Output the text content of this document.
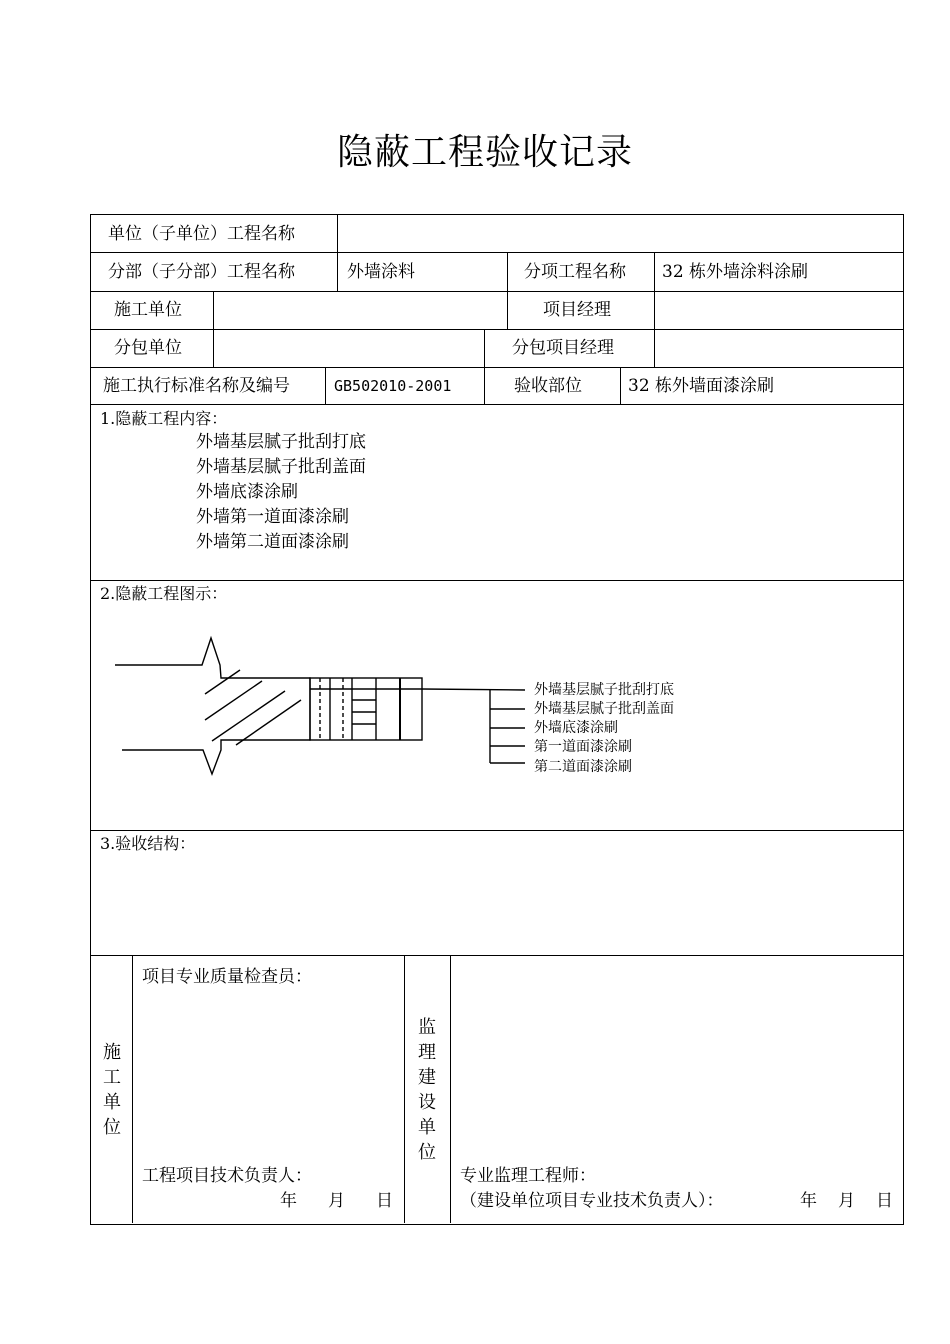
隐蔽工程验收记录
单位（子单位）工程名称
分部（子分部）工程名称	外墙涂料	分项工程名称 32 栋外墙涂料涂刷
施工单位	项目经理
分包单位	分包项目经理
施工执行标准名称及编号	GB502010-2001	验收部位	32 栋外墙面漆涂刷
1.隐蔽工程内容：
外墙基层腻子批刮打底
外墙基层腻子批刮盖面
外墙底漆涂刷
外墙第一道面漆涂刷
外墙第二道面漆涂刷
2.隐蔽工程图示：
外墙基层腻子批刮打底
外墙基层腻子批刮盖面
外墙底漆涂刷
第一道面漆涂刷
第二道面漆涂刷
3.验收结构：
施工单位
项目专业质量检查员：
工程项目技术负责人：
年 月 日
监理建设单位
专业监理工程师：
（建设单位项目专业技术负责人）：	年 月 日
